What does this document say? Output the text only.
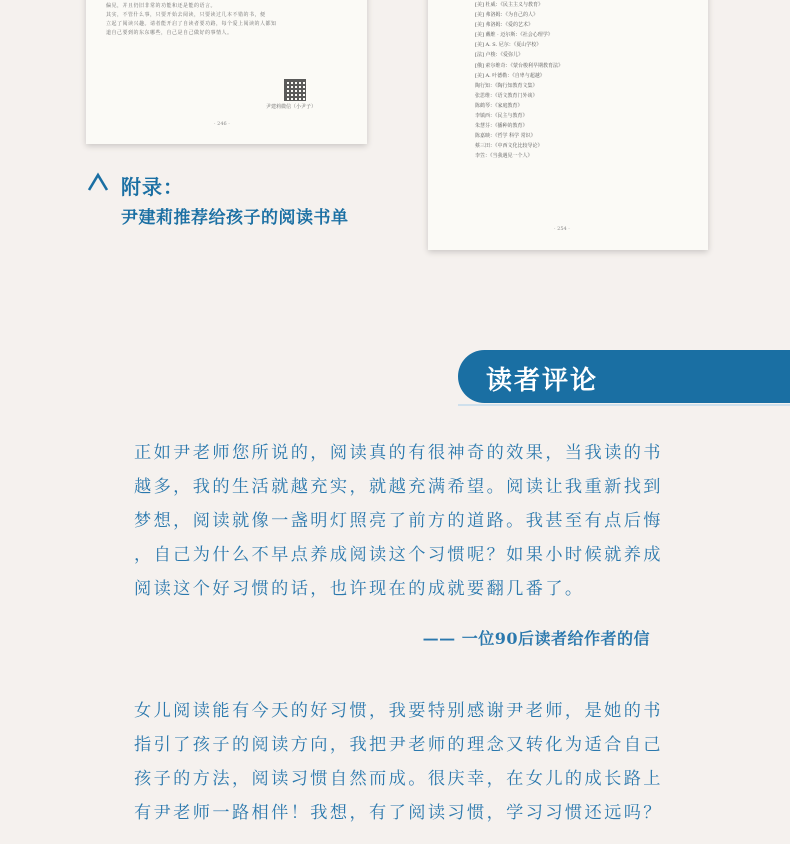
偏见，并且仍旧非常的功能和还是能的语言。
其实，不管什么事，只要开始去阅读，只要读过几本不错的书，便
立起了阅读兴趣。请者能开启了自读者要功路，每个爱上阅读的人都知
道自己要到的东东哪些，自己是自己做好的事情人。
尹建莉微信（小尹子）
· 246 ·
[美] 杜威：《民主主义与教育》
[美] 弗洛姆：《为自己的人》
[美] 弗洛姆：《爱的艺术》
[美] 戴维 · 迈尔斯：《社会心理学》
[美] A. S. 尼尔：《夏山学校》
[法] 卢梭：《爱弥儿》
[俄] 索尔维奇：《蒙台梭利早期教育法》
[美] A. 叶德勒：《自卑与超越》
陶行知：《陶行知教育文集》
张思维：《语文教育门外谈》
陈鹤琴：《家庭教育》
李镇西：《民主与教育》
朱慧芬：《播种的教育》
陈嘉映：《哲学 科学 常识》
蔡三田：《中西文化比较导论》
李笠：《当我遇见一个人》
· 254 ·
附录：
尹建莉推荐给孩子的阅读书单
读者评论
正如尹老师您所说的，阅读真的有很神奇的效果，当我读的书
越多，我的生活就越充实，就越充满希望。阅读让我重新找到
梦想，阅读就像一盏明灯照亮了前方的道路。我甚至有点后悔
，自己为什么不早点养成阅读这个习惯呢？如果小时候就养成
阅读这个好习惯的话，也许现在的成就要翻几番了。
—— 一位90后读者给作者的信
女儿阅读能有今天的好习惯，我要特别感谢尹老师，是她的书
指引了孩子的阅读方向，我把尹老师的理念又转化为适合自己
孩子的方法，阅读习惯自然而成。很庆幸，在女儿的成长路上
有尹老师一路相伴！我想，有了阅读习惯，学习习惯还远吗？
